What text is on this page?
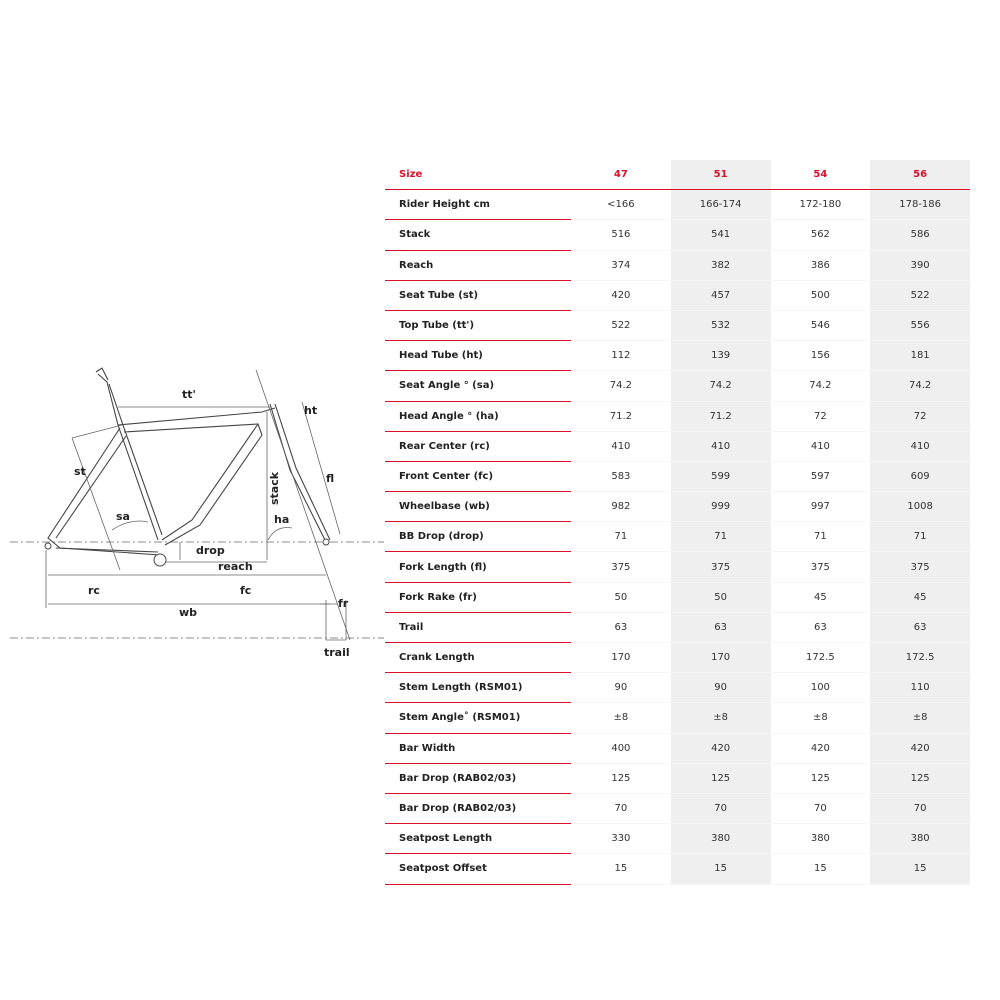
tt'
ht
st
fl
stack
sa	ha
drop
reach
rc	fc
fr
wb
trail
Size	47	51	54	56
Rider Height cm	<166	166-174	172-180	178-186
Stack	516	541	562	586
Reach	374	382	386	390
Seat Tube (st)	420	457	500	522
Top Tube (tt')	522	532	546	556
Head Tube (ht)	112	139	156	181
Seat Angle ° (sa)	74.2	74.2	74.2	74.2
Head Angle ° (ha)	71.2	71.2	72	72
Rear Center (rc)	410	410	410	410
Front Center (fc)	583	599	597	609
Wheelbase (wb)	982	999	997	1008
BB Drop (drop)	71	71	71	71
Fork Length (fl)	375	375	375	375
Fork Rake (fr)	50	50	45	45
Trail	63	63	63	63
Crank Length	170	170	172.5	172.5
Stem Length (RSM01)	90	90	100	110
Stem Angle˚ (RSM01)	±8	±8	±8	±8
Bar Width	400	420	420	420
Bar Drop (RAB02/03)	125	125	125	125
Bar Drop (RAB02/03)	70	70	70	70
Seatpost Length	330	380	380	380
Seatpost Offset	15	15	15	15
